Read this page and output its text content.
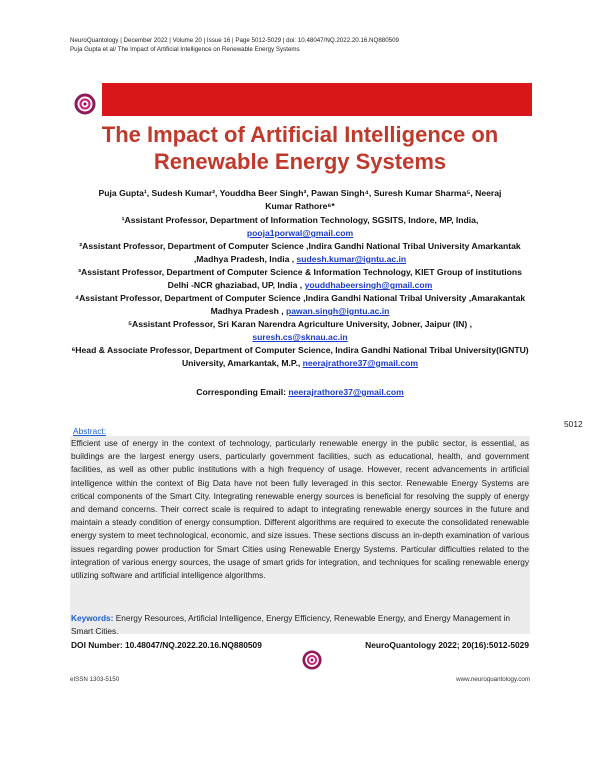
NeuroQuantology | December 2022 | Volume 20 | Issue 16 | Page 5012-5029 | doi: 10.48047/NQ.2022.20.16.NQ880509
Puja Gupta et al/ The Impact of Artificial Intelligence on Renewable Energy Systems
The Impact of Artificial Intelligence on
Renewable Energy Systems
Puja Gupta¹, Sudesh Kumar², Youddha Beer Singh³, Pawan Singh⁴, Suresh Kumar Sharma⁵, Neeraj
Kumar Rathore⁶*

¹Assistant Professor, Department of Information Technology, SGSITS, Indore, MP, India,
pooja1porwal@gmail.com

²Assistant Professor, Department of Computer Science ,Indira Gandhi National Tribal University Amarkantak ,Madhya Pradesh, India , sudesh.kumar@igntu.ac.in

³Assistant Professor, Department of Computer Science & Information Technology, KIET Group of institutions Delhi -NCR ghaziabad, UP, India , youddhabeersingh@gmail.com

⁴Assistant Professor, Department of Computer Science ,Indira Gandhi National Tribal University ,Amarakantak Madhya Pradesh , pawan.singh@igntu.ac.in

⁵Assistant Professor, Sri Karan Narendra Agriculture University, Jobner, Jaipur (IN) ,
suresh.cs@sknau.ac.in

⁶Head & Associate Professor, Department of Computer Science, Indira Gandhi National Tribal University(IGNTU) University, Amarkantak, M.P., neerajrathore37@gmail.com

Corresponding Email: neerajrathore37@gmail.com
5012
Abstract:
Efficient use of energy in the context of technology, particularly renewable energy in the public sector, is essential, as buildings are the largest energy users, particularly government facilities, such as educational, health, and government facilities, as well as other public institutions with a high frequency of usage. However, recent advancements in artificial intelligence within the context of Big Data have not been fully leveraged in this sector. Renewable Energy Systems are critical components of the Smart City. Integrating renewable energy sources is beneficial for resolving the supply of energy and demand concerns. Their correct scale is required to adapt to integrating renewable energy sources in the future and maintain a steady condition of energy consumption. Different algorithms are required to execute the consolidated renewable energy system to meet technological, economic, and size issues. These sections discuss an in-depth examination of various issues regarding power production for Smart Cities using Renewable Energy Systems. Particular difficulties related to the integration of various energy sources, the usage of smart grids for integration, and techniques for scaling renewable energy utilizing software and artificial intelligence algorithms.
Keywords: Energy Resources, Artificial Intelligence, Energy Efficiency, Renewable Energy, and Energy Management in Smart Cities.
DOI Number: 10.48047/NQ.2022.20.16.NQ880509	NeuroQuantology 2022; 20(16):5012-5029
eISSN 1303-5150	www.neuroquantology.com
